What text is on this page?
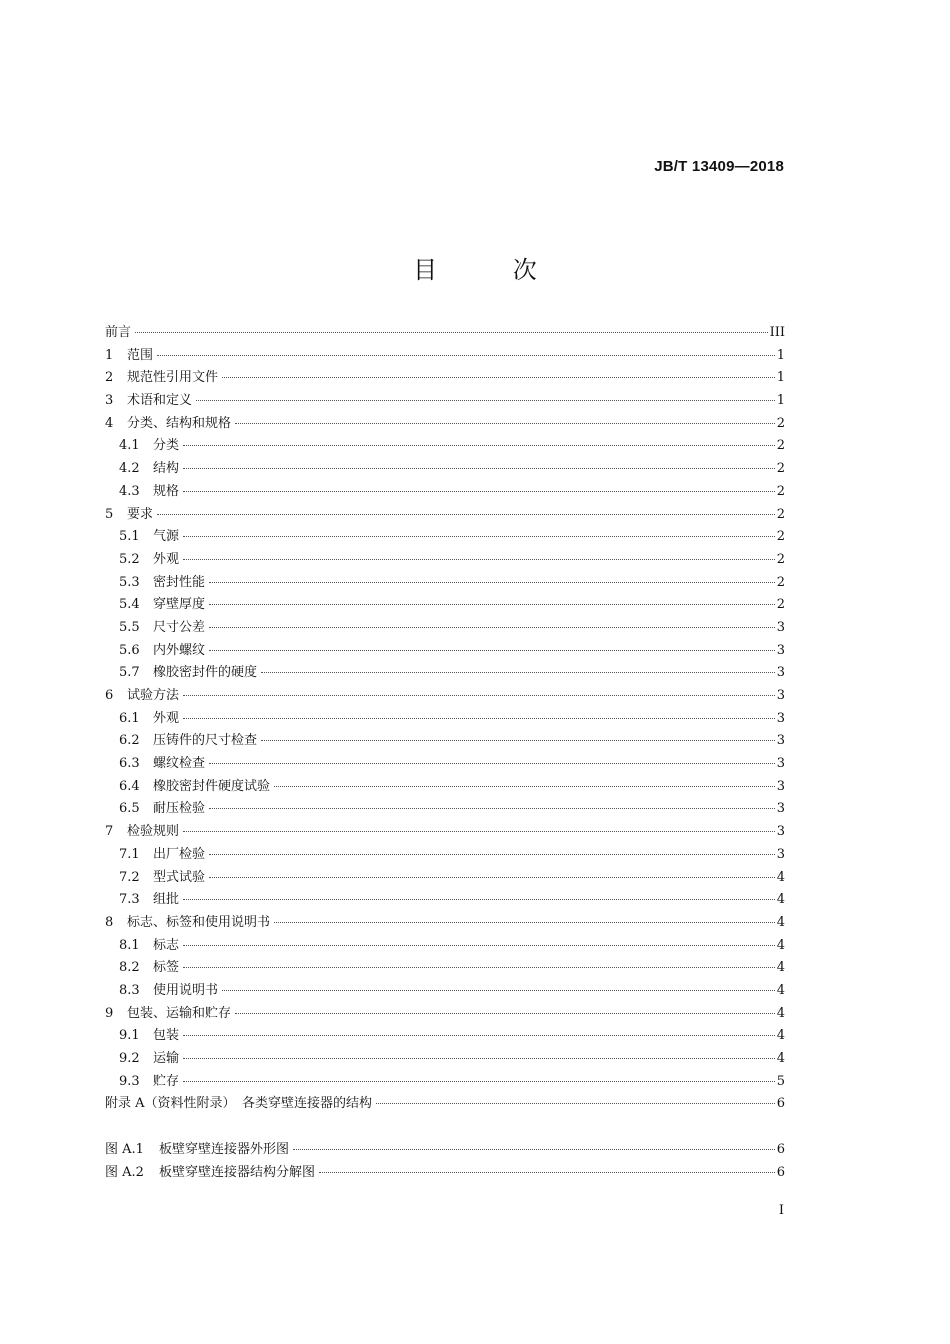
JB/T 13409—2018
目 次
前言	III
1	范围	1
2	规范性引用文件	1
3	术语和定义	1
4	分类、结构和规格	2
4.1	分类	2
4.2	结构	2
4.3	规格	2
5	要求	2
5.1	气源	2
5.2	外观	2
5.3	密封性能	2
5.4	穿壁厚度	2
5.5	尺寸公差	3
5.6	内外螺纹	3
5.7	橡胶密封件的硬度	3
6	试验方法	3
6.1	外观	3
6.2	压铸件的尺寸检查	3
6.3	螺纹检查	3
6.4	橡胶密封件硬度试验	3
6.5	耐压检验	3
7	检验规则	3
7.1	出厂检验	3
7.2	型式试验	4
7.3	组批	4
8	标志、标签和使用说明书	4
8.1	标志	4
8.2	标签	4
8.3	使用说明书	4
9	包装、运输和贮存	4
9.1	包装	4
9.2	运输	4
9.3	贮存	5
附录 A（资料性附录）　各类穿壁连接器的结构	6
图 A.1	板壁穿壁连接器外形图	6
图 A.2	板壁穿壁连接器结构分解图	6
I
